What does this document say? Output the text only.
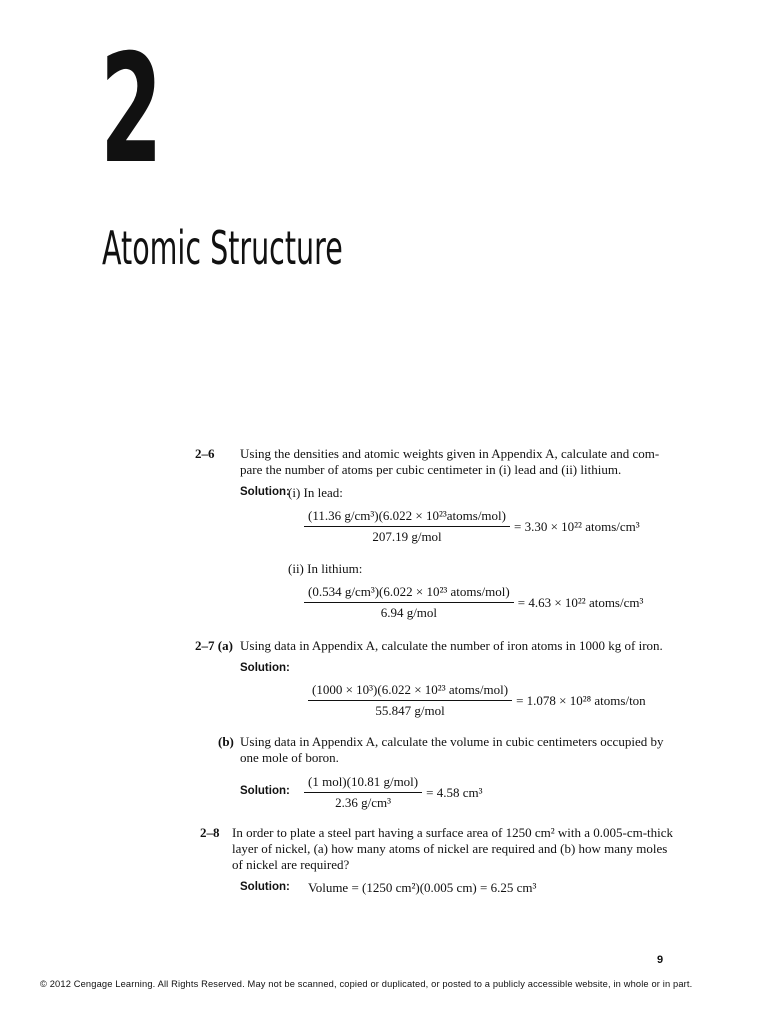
2
Atomic Structure
2–6 Using the densities and atomic weights given in Appendix A, calculate and com-
pare the number of atoms per cubic centimeter in (i) lead and (ii) lithium.
Solution:
(i) In lead:
$\frac{\text{(11.36 g/cm³)(6.022 × 10²³atoms/mol)}}{\text{207.19 g/mol}} = 3.30 \times 10^{22}$ atoms/cm³
(ii) In lithium:
$\frac{\text{(0.534 g/cm³)(6.022 × 10²³ atoms/mol)}}{\text{6.94 g/mol}} = 4.63 \times 10^{22}$ atoms/cm³
2–7 (a) Using data in Appendix A, calculate the number of iron atoms in 1000 kg of iron.
Solution:
$\frac{\text{(1000 × 10³)(6.022 × 10²³ atoms/mol)}}{\text{55.847 g/mol}} = 1.078 \times 10^{28}$ atoms/ton
(b) Using data in Appendix A, calculate the volume in cubic centimeters occupied by
one mole of boron.
Solution: $\frac{\text{(1 mol)(10.81 g/mol)}}{\text{2.36 g/cm³}} = 4.58$ cm³
2–8 In order to plate a steel part having a surface area of 1250 cm² with a 0.005-cm-thick
layer of nickel, (a) how many atoms of nickel are required and (b) how many moles
of nickel are required?
Solution: Volume = (1250 cm²)(0.005 cm) = 6.25 cm³
9
© 2012 Cengage Learning. All Rights Reserved. May not be scanned, copied or duplicated, or posted to a publicly accessible website, in whole or in part.
